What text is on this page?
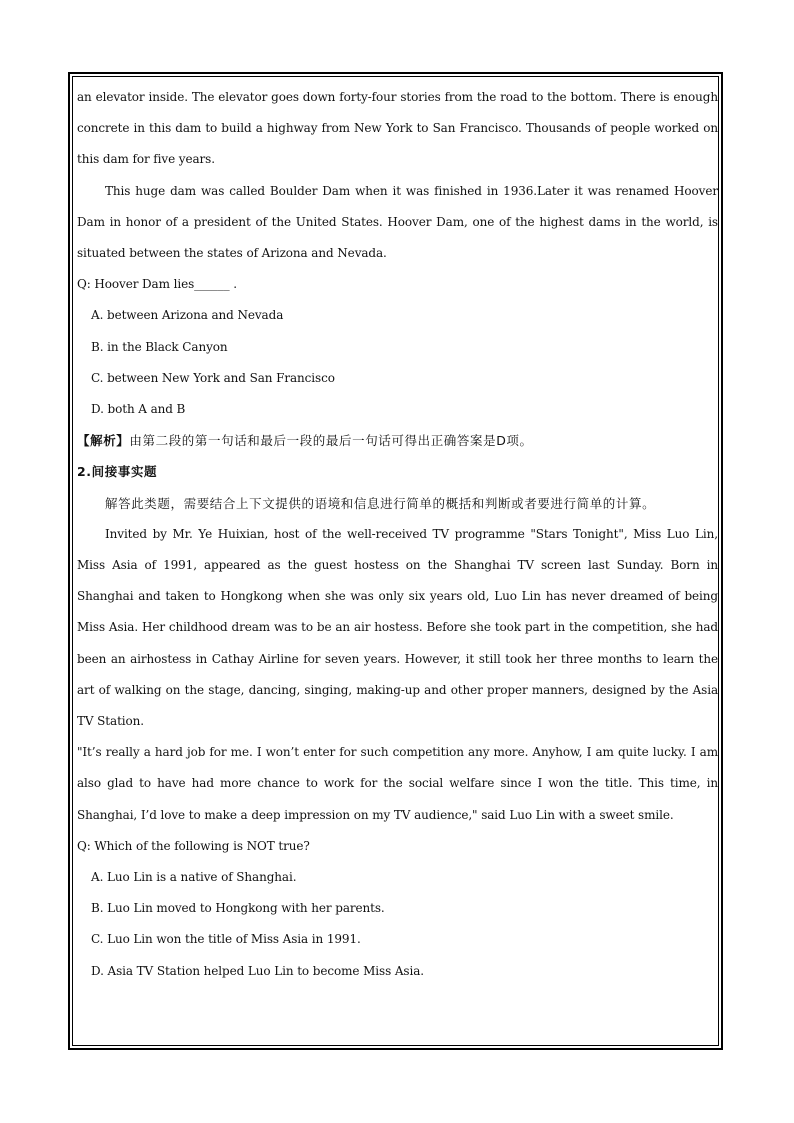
an elevator inside. The elevator goes down forty-four stories from the road to the bottom. There is enough concrete in this dam to build a highway from New York to San Francisco. Thousands of people worked on this dam for five years.

This huge dam was called Boulder Dam when it was finished in 1936.Later it was renamed Hoover Dam in honor of a president of the United States. Hoover Dam, one of the highest dams in the world, is situated between the states of Arizona and Nevada.

Q: Hoover Dam lies______ .

A. between Arizona and Nevada

B. in the Black Canyon

C. between New York and San Francisco

D. both A and B

【解析】由第二段的第一句话和最后一段的最后一句话可得出正确答案是D项。

2.间接事实题

解答此类题，需要结合上下文提供的语境和信息进行简单的概括和判断或者要进行简单的计算。

Invited by Mr. Ye Huixian, host of the well-received TV programme "Stars Tonight", Miss Luo Lin, Miss Asia of 1991, appeared as the guest hostess on the Shanghai TV screen last Sunday. Born in Shanghai and taken to Hongkong when she was only six years old, Luo Lin has never dreamed of being Miss Asia. Her childhood dream was to be an air hostess. Before she took part in the competition, she had been an airhostess in Cathay Airline for seven years. However, it still took her three months to learn the art of walking on the stage, dancing, singing, making-up and other proper manners, designed by the Asia TV Station.

"It’s really a hard job for me. I won’t enter for such competition any more. Anyhow, I am quite lucky. I am also glad to have had more chance to work for the social welfare since I won the title. This time, in Shanghai, I’d love to make a deep impression on my TV audience," said Luo Lin with a sweet smile.

Q: Which of the following is NOT true?

A. Luo Lin is a native of Shanghai.

B. Luo Lin moved to Hongkong with her parents.

C. Luo Lin won the title of Miss Asia in 1991.

D. Asia TV Station helped Luo Lin to become Miss Asia.
